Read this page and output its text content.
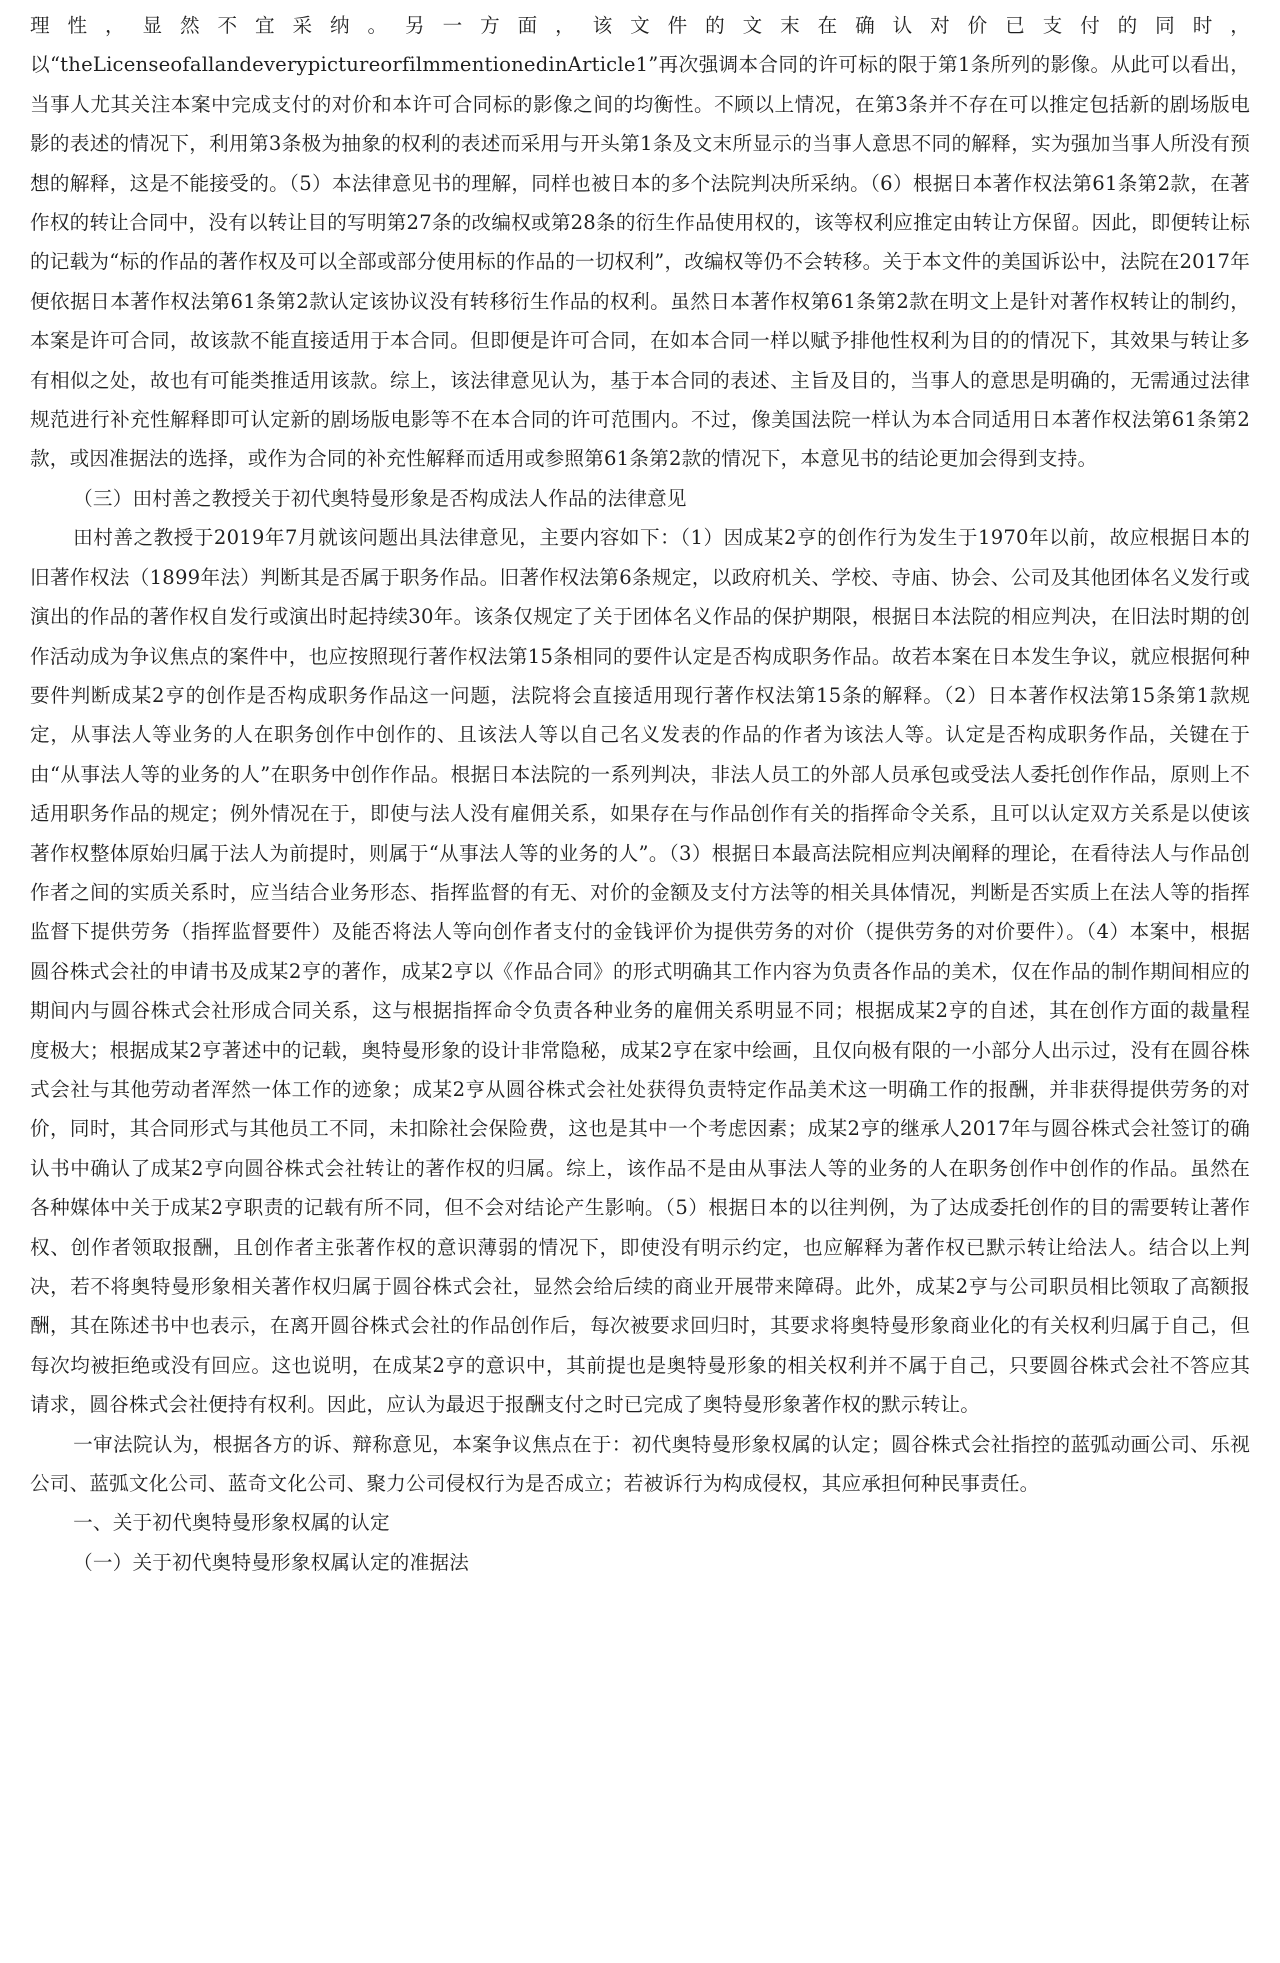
理性，显然不宜采纳。另一方面，该文件的文末在确认对价已支付的同时，以“theLicenseofallandeverypictureorfilmmentionedinArticle1”再次强调本合同的许可标的限于第1条所列的影像。从此可以看出，当事人尤其关注本案中完成支付的对价和本许可合同标的影像之间的均衡性。不顾以上情况，在第3条并不存在可以推定包括新的剧场版电影的表述的情况下，利用第3条极为抽象的权利的表述而采用与开头第1条及文末所显示的当事人意思不同的解释，实为强加当事人所没有预想的解释，这是不能接受的。（5）本法律意见书的理解，同样也被日本的多个法院判决所采纳。（6）根据日本著作权法第61条第2款，在著作权的转让合同中，没有以转让目的写明第27条的改编权或第28条的衍生作品使用权的，该等权利应推定由转让方保留。因此，即便转让标的记载为“标的作品的著作权及可以全部或部分使用标的作品的一切权利”，改编权等仍不会转移。关于本文件的美国诉讼中，法院在2017年便依据日本著作权法第61条第2款认定该协议没有转移衍生作品的权利。虽然日本著作权第61条第2款在明文上是针对著作权转让的制约，本案是许可合同，故该款不能直接适用于本合同。但即便是许可合同，在如本合同一样以赋予排他性权利为目的的情况下，其效果与转让多有相似之处，故也有可能类推适用该款。综上，该法律意见认为，基于本合同的表述、主旨及目的，当事人的意思是明确的，无需通过法律规范进行补充性解释即可认定新的剧场版电影等不在本合同的许可范围内。不过，像美国法院一样认为本合同适用日本著作权法第61条第2款，或因准据法的选择，或作为合同的补充性解释而适用或参照第61条第2款的情况下，本意见书的结论更加会得到支持。

（三）田村善之教授关于初代奥特曼形象是否构成法人作品的法律意见

田村善之教授于2019年7月就该问题出具法律意见，主要内容如下：（1）因成某2亨的创作行为发生于1970年以前，故应根据日本的旧著作权法（1899年法）判断其是否属于职务作品。旧著作权法第6条规定，以政府机关、学校、寺庙、协会、公司及其他团体名义发行或演出的作品的著作权自发行或演出时起持续30年。该条仅规定了关于团体名义作品的保护期限，根据日本法院的相应判决，在旧法时期的创作活动成为争议焦点的案件中，也应按照现行著作权法第15条相同的要件认定是否构成职务作品。故若本案在日本发生争议，就应根据何种要件判断成某2亨的创作是否构成职务作品这一问题，法院将会直接适用现行著作权法第15条的解释。（2）日本著作权法第15条第1款规定，从事法人等业务的人在职务创作中创作的、且该法人等以自己名义发表的作品的作者为该法人等。认定是否构成职务作品，关键在于由“从事法人等的业务的人”在职务中创作作品。根据日本法院的一系列判决，非法人员工的外部人员承包或受法人委托创作作品，原则上不适用职务作品的规定；例外情况在于，即使与法人没有雇佣关系，如果存在与作品创作有关的指挥命令关系，且可以认定双方关系是以使该著作权整体原始归属于法人为前提时，则属于“从事法人等的业务的人”。（3）根据日本最高法院相应判决阐释的理论，在看待法人与作品创作者之间的实质关系时，应当结合业务形态、指挥监督的有无、对价的金额及支付方法等的相关具体情况，判断是否实质上在法人等的指挥监督下提供劳务（指挥监督要件）及能否将法人等向创作者支付的金钱评价为提供劳务的对价（提供劳务的对价要件）。（4）本案中，根据圆谷株式会社的申请书及成某2亨的著作，成某2亨以《作品合同》的形式明确其工作内容为负责各作品的美术，仅在作品的制作期间相应的期间内与圆谷株式会社形成合同关系，这与根据指挥命令负责各种业务的雇佣关系明显不同；根据成某2亨的自述，其在创作方面的裁量程度极大；根据成某2亨著述中的记载，奥特曼形象的设计非常隐秘，成某2亨在家中绘画，且仅向极有限的一小部分人出示过，没有在圆谷株式会社与其他劳动者浑然一体工作的迹象；成某2亨从圆谷株式会社处获得负责特定作品美术这一明确工作的报酬，并非获得提供劳务的对价，同时，其合同形式与其他员工不同，未扣除社会保险费，这也是其中一个考虑因素；成某2亨的继承人2017年与圆谷株式会社签订的确认书中确认了成某2亨向圆谷株式会社转让的著作权的归属。综上，该作品不是由从事法人等的业务的人在职务创作中创作的作品。虽然在各种媒体中关于成某2亨职责的记载有所不同，但不会对结论产生影响。（5）根据日本的以往判例，为了达成委托创作的目的需要转让著作权、创作者领取报酬，且创作者主张著作权的意识薄弱的情况下，即使没有明示约定，也应解释为著作权已默示转让给法人。结合以上判决，若不将奥特曼形象相关著作权归属于圆谷株式会社，显然会给后续的商业开展带来障碍。此外，成某2亨与公司职员相比领取了高额报酬，其在陈述书中也表示，在离开圆谷株式会社的作品创作后，每次被要求回归时，其要求将奥特曼形象商业化的有关权利归属于自己，但每次均被拒绝或没有回应。这也说明，在成某2亨的意识中，其前提也是奥特曼形象的相关权利并不属于自己，只要圆谷株式会社不答应其请求，圆谷株式会社便持有权利。因此，应认为最迟于报酬支付之时已完成了奥特曼形象著作权的默示转让。

一审法院认为，根据各方的诉、辩称意见，本案争议焦点在于：初代奥特曼形象权属的认定；圆谷株式会社指控的蓝弧动画公司、乐视公司、蓝弧文化公司、蓝奇文化公司、聚力公司侵权行为是否成立；若被诉行为构成侵权，其应承担何种民事责任。

一、关于初代奥特曼形象权属的认定

（一）关于初代奥特曼形象权属认定的准据法
